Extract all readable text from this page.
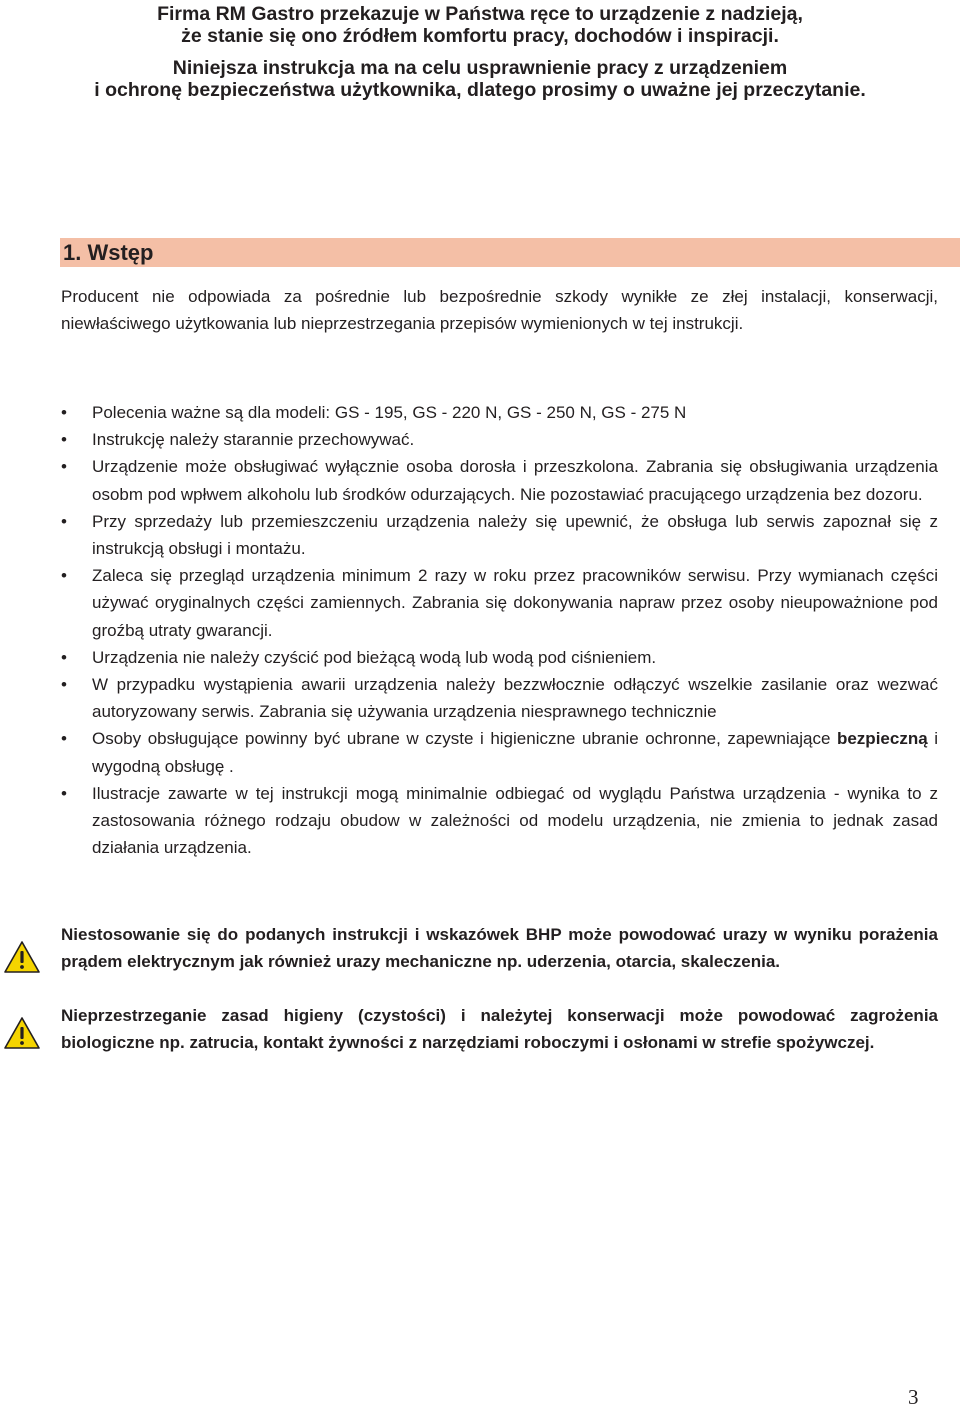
Firma RM Gastro przekazuje w Państwa ręce to urządzenie z nadzieją,
że stanie się ono źródłem komfortu pracy, dochodów i inspiracji.

Niniejsza instrukcja ma na celu usprawnienie pracy z urządzeniem
i ochronę bezpieczeństwa użytkownika, dlatego prosimy o uważne jej przeczytanie.

1. Wstęp

Producent nie odpowiada za pośrednie lub bezpośrednie szkody wynikłe ze złej instalacji, konserwacji, niewłaściwego użytkowania lub nieprzestrzegania przepisów wymienionych w tej instrukcji.

• Polecenia ważne są dla modeli: GS - 195, GS - 220 N, GS - 250 N, GS - 275 N
• Instrukcję należy starannie przechowywać.
• Urządzenie może obsługiwać wyłącznie osoba dorosła i przeszkolona. Zabrania się obsługiwania urządzenia osobm pod wpłwem alkoholu lub środków odurzających. Nie pozostawiać pracującego urządzenia bez dozoru.
• Przy sprzedaży lub przemieszczeniu urządzenia należy się upewnić, że obsługa lub serwis zapoznał się z instrukcją obsługi i montażu.
• Zaleca się przegląd urządzenia minimum 2 razy w roku przez pracowników serwisu. Przy wymianach części używać oryginalnych części zamiennych. Zabrania się dokonywania napraw przez osoby nieupoważnione pod groźbą utraty gwarancji.
• Urządzenia nie należy czyścić pod bieżącą wodą lub wodą pod ciśnieniem.
• W przypadku wystąpienia awarii urządzenia należy bezzwłocznie odłączyć wszelkie zasilanie oraz wezwać autoryzowany serwis. Zabrania się używania urządzenia niesprawnego technicznie
• Osoby obsługujące powinny być ubrane w czyste i higieniczne ubranie ochronne, zapewniające bezpieczną i wygodną obsługę .
• Ilustracje zawarte w tej instrukcji mogą minimalnie odbiegać od wyglądu Państwa urządzenia - wynika to z zastosowania różnego rodzaju obudow w zależności od modelu urządzenia, nie zmienia to jednak zasad działania urządzenia.

Niestosowanie się do podanych instrukcji i wskazówek BHP może powodować urazy w wyniku porażenia prądem elektrycznym jak również urazy mechaniczne np. uderzenia, otarcia, skaleczenia.

Nieprzestrzeganie zasad higieny (czystości) i należytej konserwacji może powodować zagrożenia biologiczne np. zatrucia, kontakt żywności z narzędziami roboczymi i osłonami w strefie spożywczej.

3
